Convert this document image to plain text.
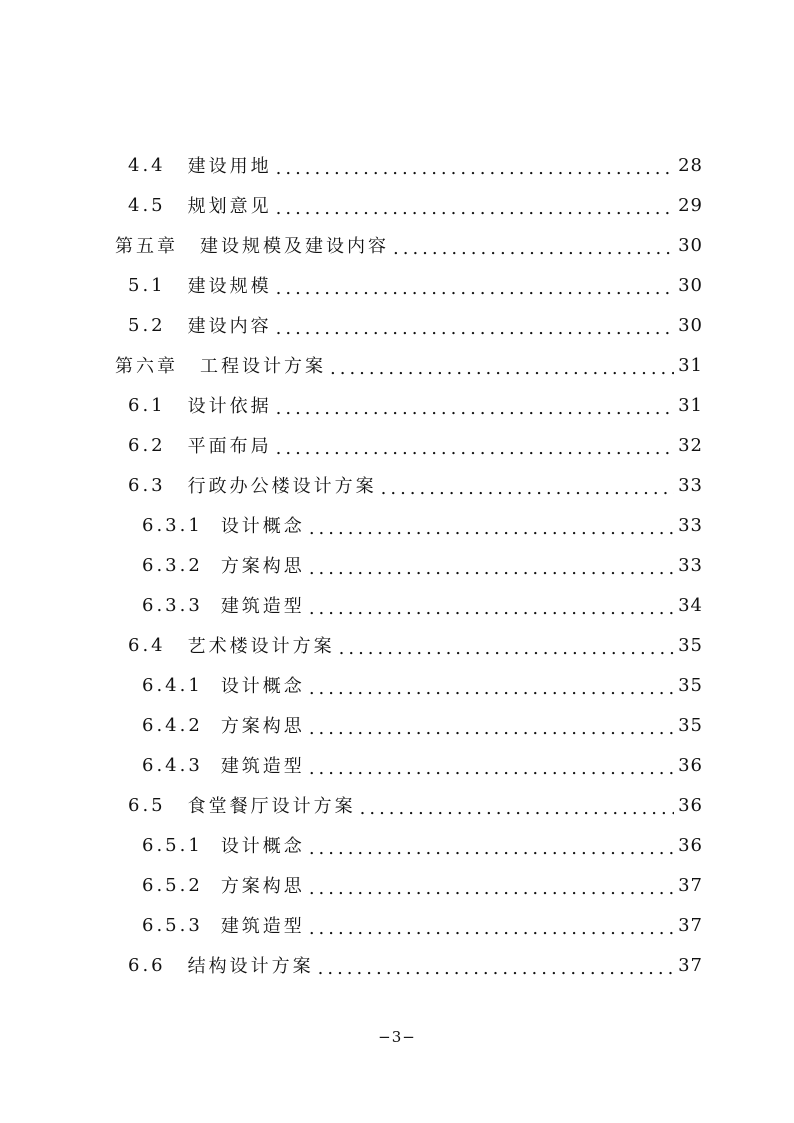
4.4 建设用地 .....	28
4.5 规划意见 .....	29
第五章 建设规模及建设内容 .....	30
5.1 建设规模 .....	30
5.2 建设内容 .....	30
第六章 工程设计方案 .....	31
6.1 设计依据 .....	31
6.2 平面布局 .....	32
6.3 行政办公楼设计方案 .....	33
6.3.1 设计概念 .....	33
6.3.2 方案构思 .....	33
6.3.3 建筑造型 .....	34
6.4 艺术楼设计方案 .....	35
6.4.1 设计概念 .....	35
6.4.2 方案构思 .....	35
6.4.3 建筑造型 .....	36
6.5 食堂餐厅设计方案 .....	36
6.5.1 设计概念 .....	36
6.5.2 方案构思 .....	37
6.5.3 建筑造型 .....	37
6.6 结构设计方案 .....	37
−3−
